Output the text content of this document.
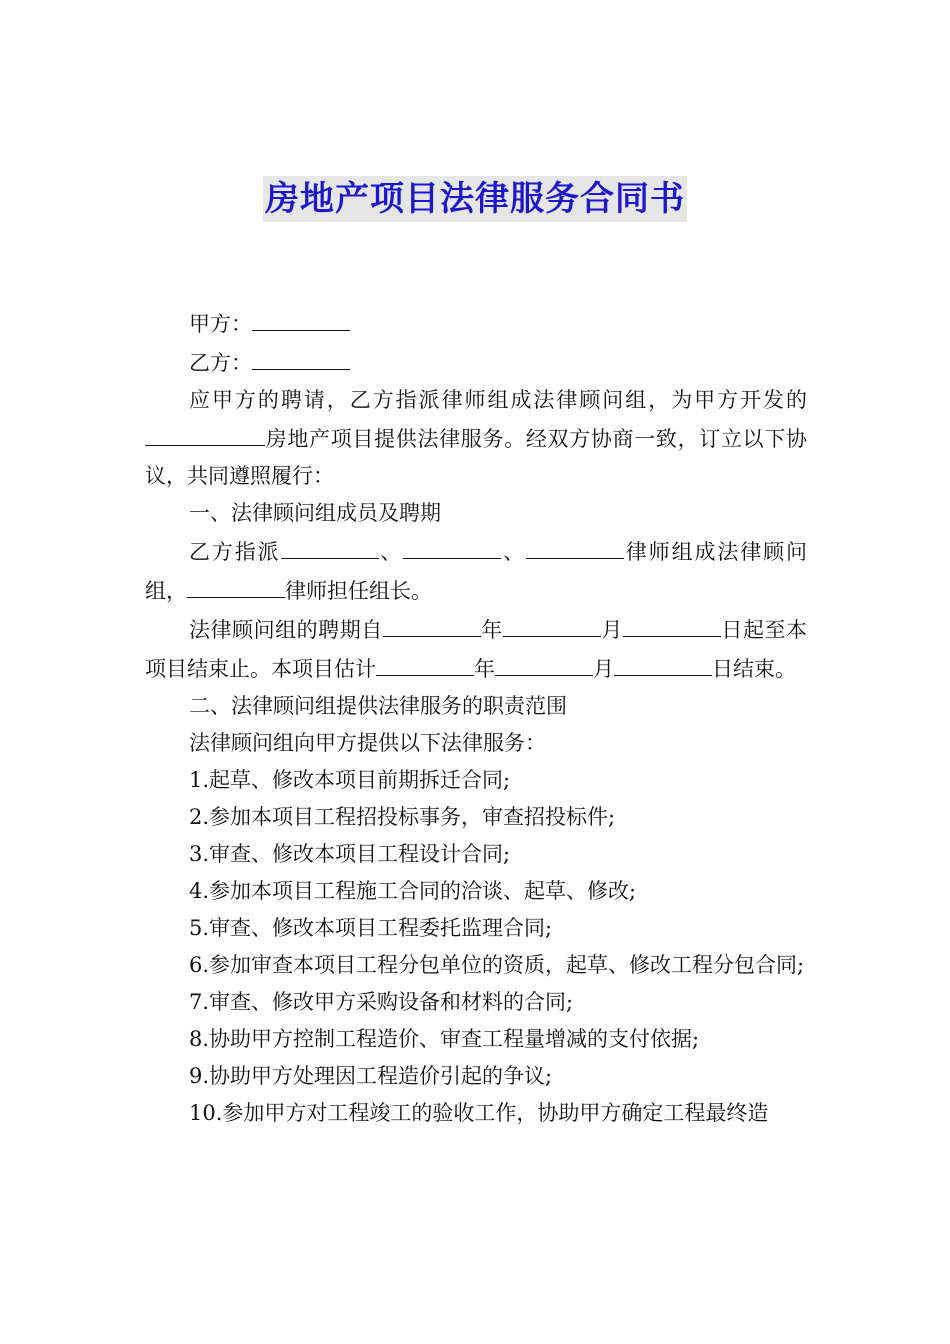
房地产项目法律服务合同书

甲方：

乙方：

应甲方的聘请，乙方指派律师组成法律顾问组，为甲方开发的房地产项目提供法律服务。经双方协商一致，订立以下协议，共同遵照履行：

一、法律顾问组成员及聘期

乙方指派	、	、	律师组成法律顾问组，	律师担任组长。

法律顾问组的聘期自	年	月	日起至本项目结束止。本项目估计	年	月	日结束。

二、法律顾问组提供法律服务的职责范围

法律顾问组向甲方提供以下法律服务：

1.起草、修改本项目前期拆迁合同;

2.参加本项目工程招投标事务，审查招投标件;

3.审查、修改本项目工程设计合同;

4.参加本项目工程施工合同的洽谈、起草、修改;

5.审查、修改本项目工程委托监理合同;

6.参加审查本项目工程分包单位的资质，起草、修改工程分包合同;

7.审查、修改甲方采购设备和材料的合同;

8.协助甲方控制工程造价、审查工程量增减的支付依据;

9.协助甲方处理因工程造价引起的争议;

10.参加甲方对工程竣工的验收工作，协助甲方确定工程最终造
